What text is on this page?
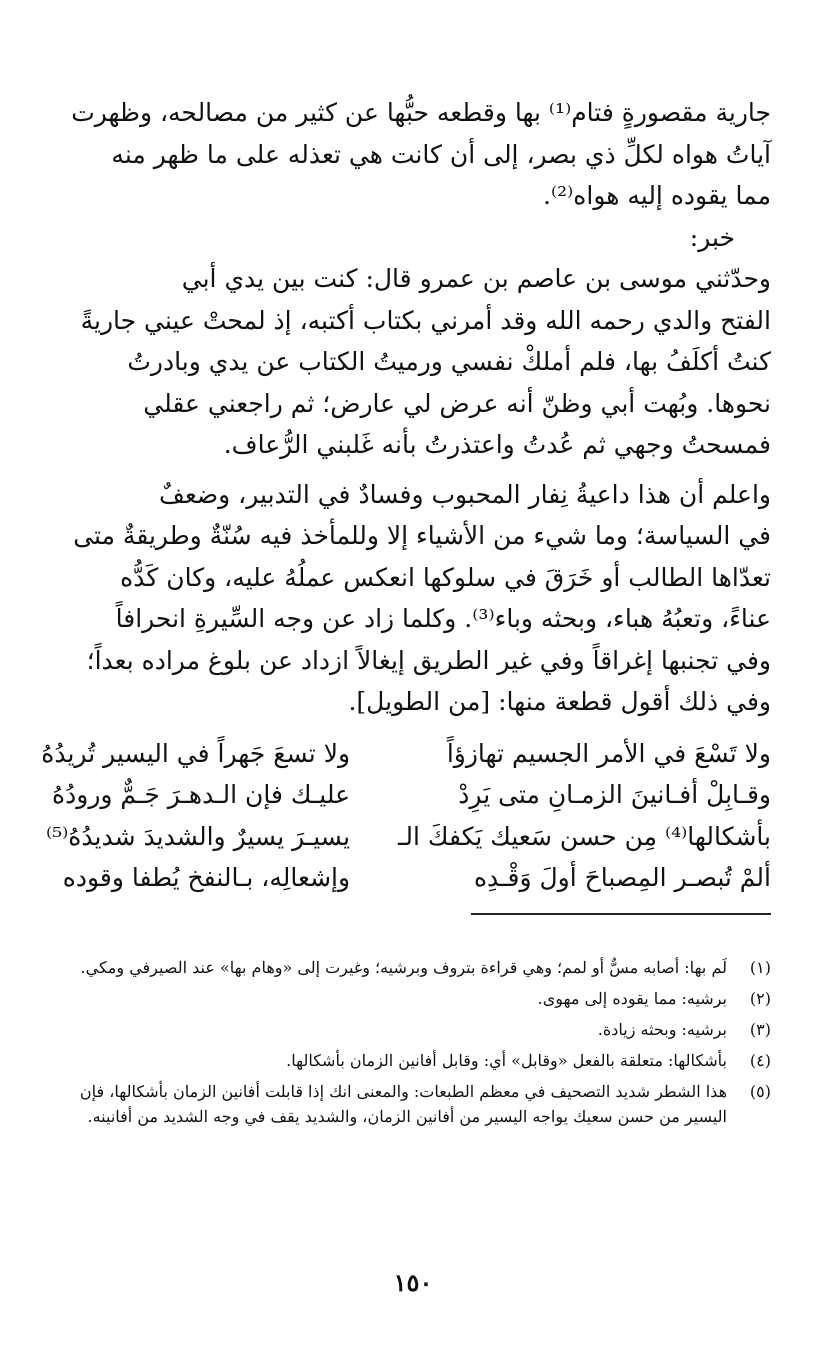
جارية مقصورةٍ فتام⁽¹⁾ بها وقطعه حبُّها عن كثير من مصالحه، وظهرت
آياتُ هواه لكلِّ ذي بصر، إلى أن كانت هي تعذله على ما ظهر منه
مما يقوده إليه هواه⁽²⁾.
خبر:
وحدّثني موسى بن عاصم بن عمرو قال: كنت بين يدي أبي
الفتح والدي رحمه الله وقد أمرني بكتاب أكتبه، إذ لمحتْ عيني جاريةً
كنتُ أكلَفُ بها، فلم أملكْ نفسي ورميتُ الكتاب عن يدي وبادرتُ
نحوها. وبُهت أبي وظنّ أنه عرض لي عارض؛ ثم راجعني عقلي
فمسحتُ وجهي ثم عُدتُ واعتذرتُ بأنه غَلبني الرُّعاف.
واعلم أن هذا داعيةُ نِفار المحبوب وفسادٌ في التدبير، وضعفٌ
في السياسة؛ وما شيء من الأشياء إلا وللمأخذ فيه سُنّةٌ وطريقةٌ متى
تعدّاها الطالب أو خَرَقَ في سلوكها انعكس عملُهُ عليه، وكان كَدُّه
عناءً، وتعبُهُ هباء، وبحثه وباء⁽³⁾. وكلما زاد عن وجه السِّيرةِ انحرافاً
وفي تجنبها إغراقاً وفي غير الطريق إيغالاً ازداد عن بلوغ مراده بعداً؛
وفي ذلك أقول قطعة منها: [من الطويل].
ولا تَسْعَ في الأمر الجسيم تهازؤاً
ولا تسعَ جَهراً في اليسير تُريدُهُ
وقـابِلْ أفـانينَ الزمـانِ متى يَرِدْ
عليـك فإن الـدهـرَ جَـمٌّ ورودُهُ
بأشكالها⁽⁴⁾ مِن حسن سَعيك يَكفكَ الـ
يسيـرَ يسيرٌ والشديدَ شديدُهُ⁽⁵⁾
ألمْ تُبصـر المِصباحَ أولَ وَقْـدِه
وإشعالِه، بـالنفخ يُطفا وقوده
(١)
لَم بها: أصابه مسٌّ أو لمم؛ وهي قراءة بتروف وبرشيه؛ وغيرت إلى «وهام بها» عند الصيرفي ومكي.
(٢)
برشيه: مما يقوده إلى مهوى.
(٣)
برشيه: وبحثه زيادة.
(٤)
بأشكالها: متعلقة بالفعل «وقابل» أي: وقابل أفانين الزمان بأشكالها.
(٥)
هذا الشطر شديد التصحيف في معظم الطبعات: والمعنى انك إذا قابلت أفانين الزمان بأشكالها، فإن اليسير من حسن سعيك يواجه اليسير من أفانين الزمان، والشديد يقف في وجه الشديد من أفانينه.
١٥٠
